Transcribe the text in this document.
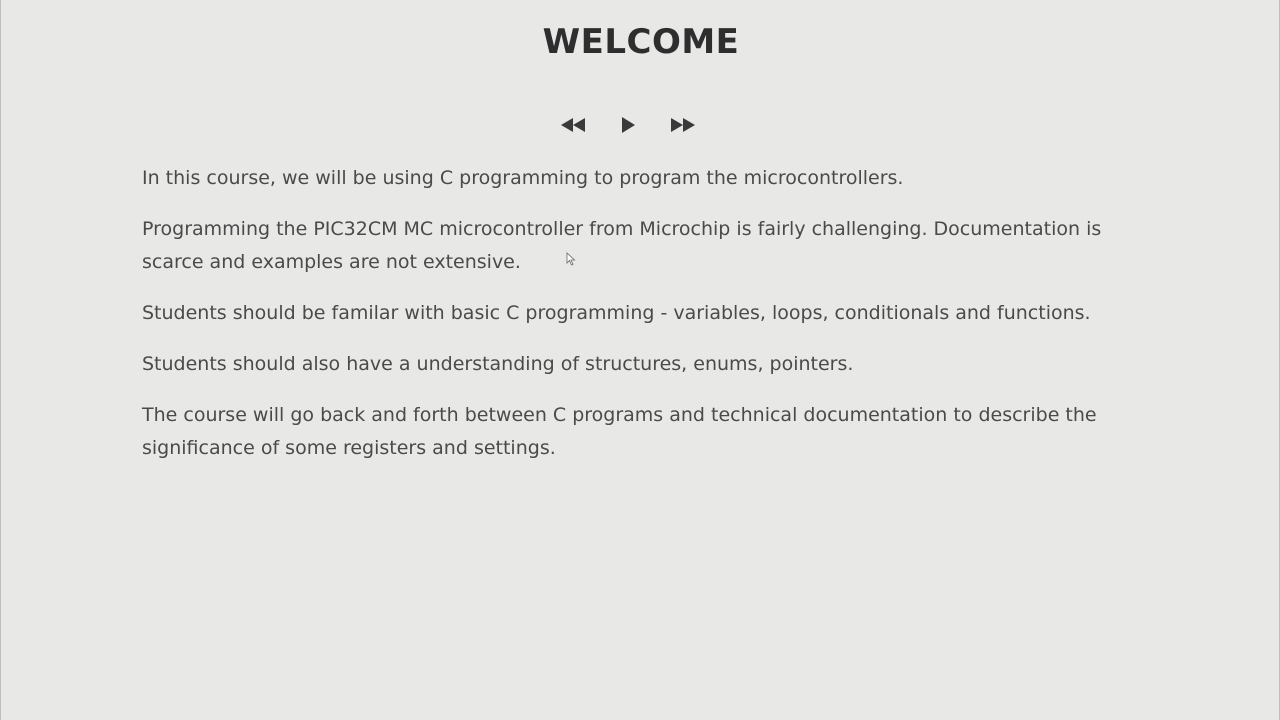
WELCOME

In this course, we will be using C programming to program the microcontrollers.

Programming the PIC32CM MC microcontroller from Microchip is fairly challenging. Documentation is scarce and examples are not extensive.

Students should be familar with basic C programming - variables, loops, conditionals and functions.

Students should also have a understanding of structures, enums, pointers.

The course will go back and forth between C programs and technical documentation to describe the significance of some registers and settings.
